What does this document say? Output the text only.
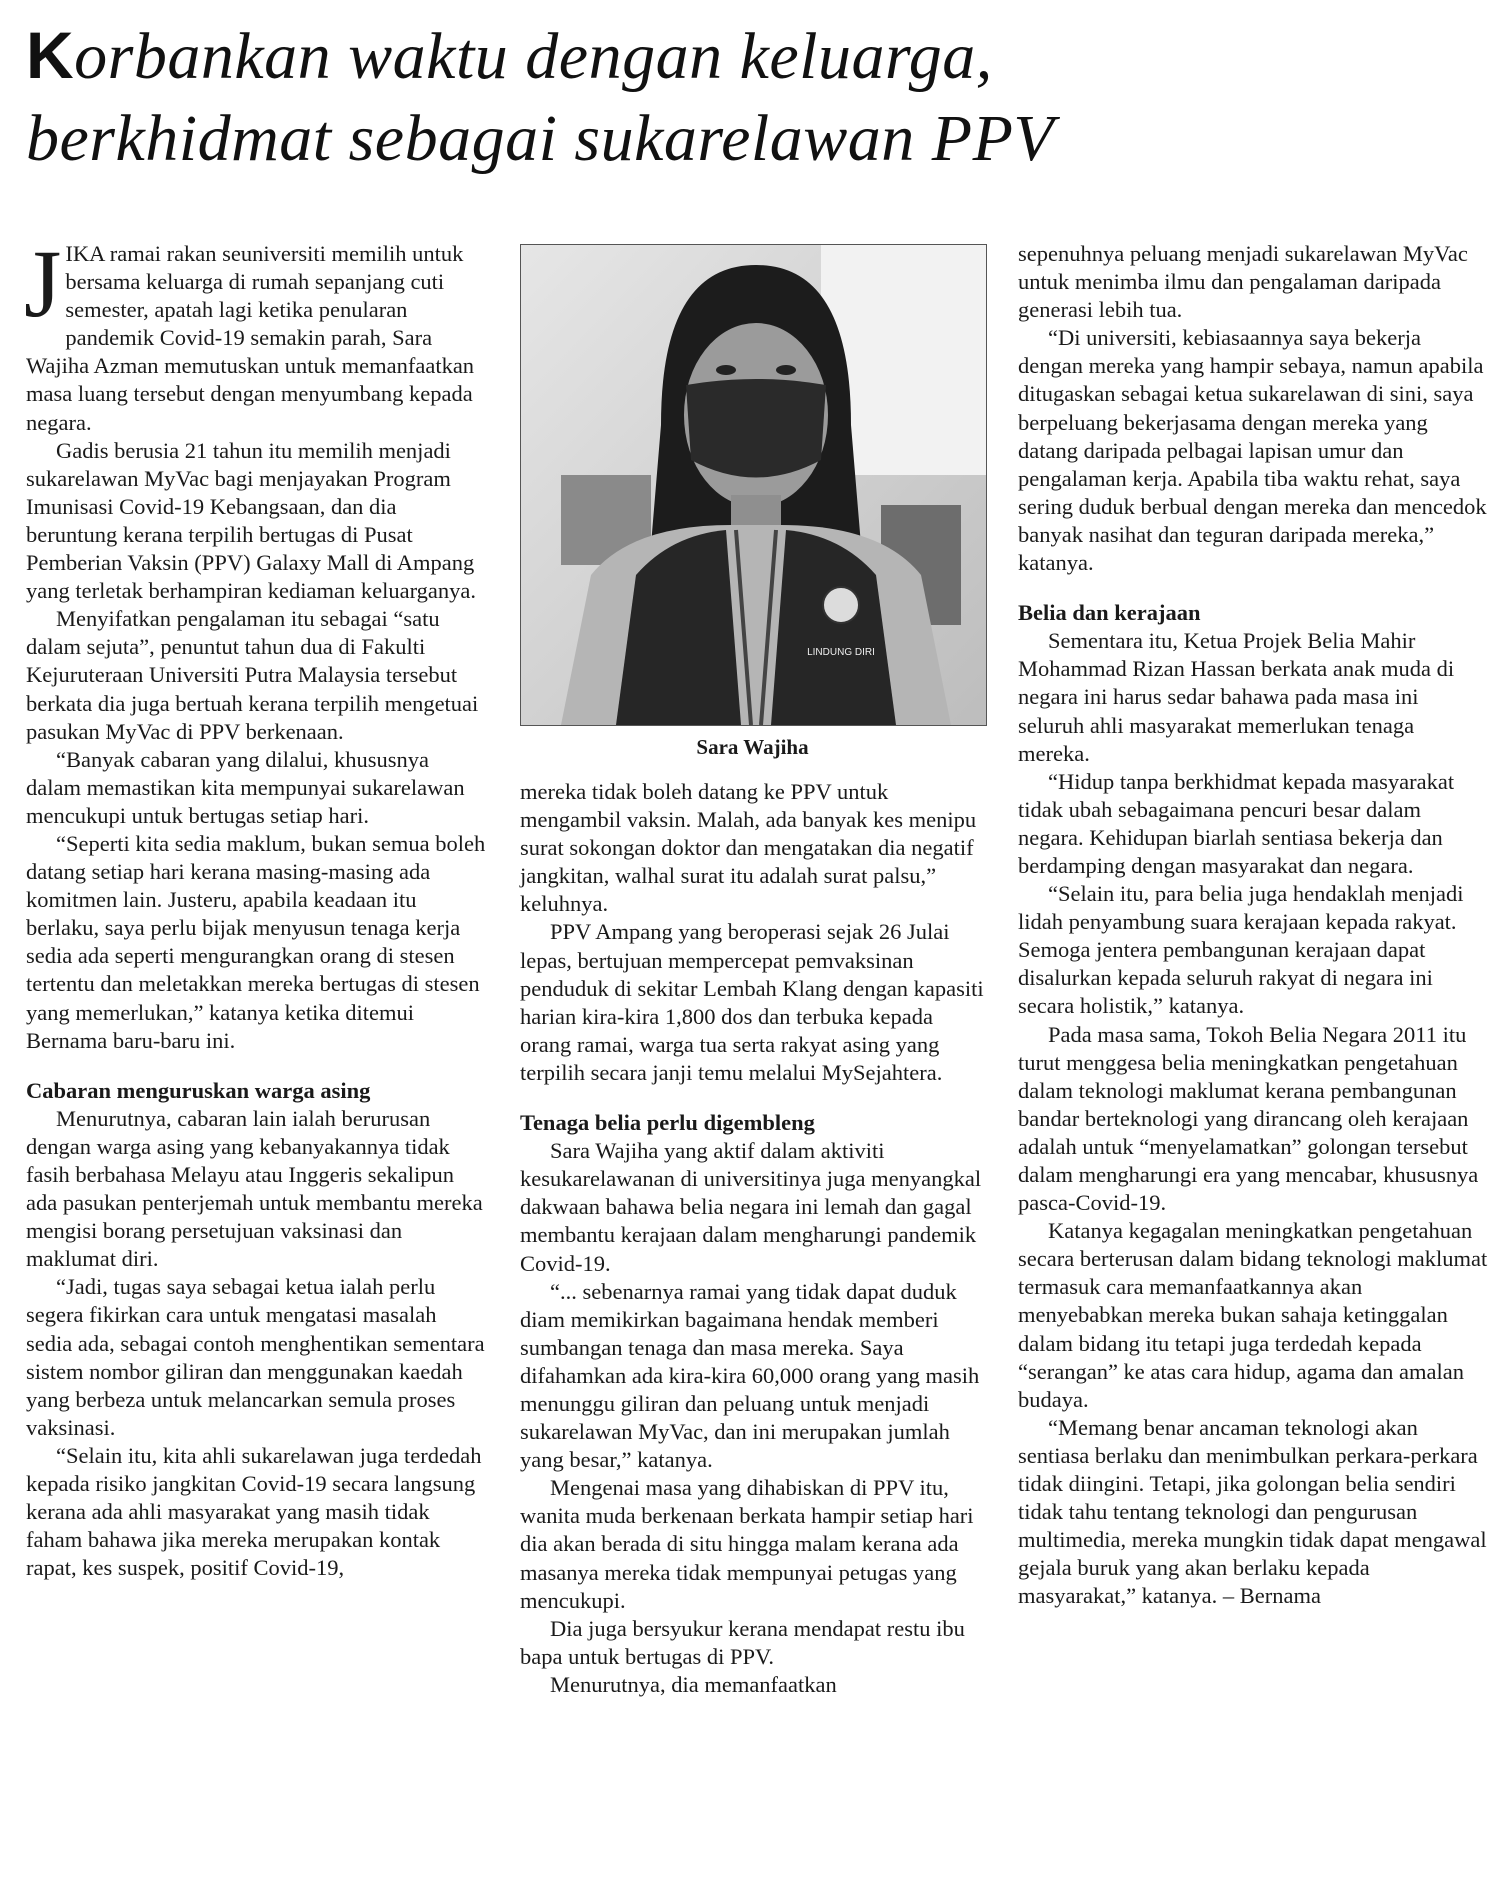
Korbankan waktu dengan keluarga,
berkhidmat sebagai sukarelawan PPV

JIKA ramai rakan seuniversiti memilih untuk bersama keluarga di rumah sepanjang cuti semester, apatah lagi ketika penularan pandemik Covid-19 semakin parah, Sara Wajiha Azman memutuskan untuk memanfaatkan masa luang tersebut dengan menyumbang kepada negara.

Gadis berusia 21 tahun itu memilih menjadi sukarelawan MyVac bagi menjayakan Program Imunisasi Covid-19 Kebangsaan, dan dia beruntung kerana terpilih bertugas di Pusat Pemberian Vaksin (PPV) Galaxy Mall di Ampang yang terletak berhampiran kediaman keluarganya.

Menyifatkan pengalaman itu sebagai “satu dalam sejuta”, penuntut tahun dua di Fakulti Kejuruteraan Universiti Putra Malaysia tersebut berkata dia juga bertuah kerana terpilih mengetuai pasukan MyVac di PPV berkenaan.

“Banyak cabaran yang dilalui, khususnya dalam memastikan kita mempunyai sukarelawan mencukupi untuk bertugas setiap hari.

“Seperti kita sedia maklum, bukan semua boleh datang setiap hari kerana masing-masing ada komitmen lain. Justeru, apabila keadaan itu berlaku, saya perlu bijak menyusun tenaga kerja sedia ada seperti mengurangkan orang di stesen tertentu dan meletakkan mereka bertugas di stesen yang memerlukan,” katanya ketika ditemui Bernama baru-baru ini.

Cabaran menguruskan warga asing

Menurutnya, cabaran lain ialah berurusan dengan warga asing yang kebanyakannya tidak fasih berbahasa Melayu atau Inggeris sekalipun ada pasukan penterjemah untuk membantu mereka mengisi borang persetujuan vaksinasi dan maklumat diri.

“Jadi, tugas saya sebagai ketua ialah perlu segera fikirkan cara untuk mengatasi masalah sedia ada, sebagai contoh menghentikan sementara sistem nombor giliran dan menggunakan kaedah yang berbeza untuk melancarkan semula proses vaksinasi.

“Selain itu, kita ahli sukarelawan juga terdedah kepada risiko jangkitan Covid-19 secara langsung kerana ada ahli masyarakat yang masih tidak faham bahawa jika mereka merupakan kontak rapat, kes suspek, positif Covid-19,

LINDUNG DIRI
Sara Wajiha

mereka tidak boleh datang ke PPV untuk mengambil vaksin. Malah, ada banyak kes menipu surat sokongan doktor dan mengatakan dia negatif jangkitan, walhal surat itu adalah surat palsu,” keluhnya.

PPV Ampang yang beroperasi sejak 26 Julai lepas, bertujuan mempercepat pemvaksinan penduduk di sekitar Lembah Klang dengan kapasiti harian kira-kira 1,800 dos dan terbuka kepada orang ramai, warga tua serta rakyat asing yang terpilih secara janji temu melalui MySejahtera.

Tenaga belia perlu digembleng

Sara Wajiha yang aktif dalam aktiviti kesukarelawanan di universitinya juga menyangkal dakwaan bahawa belia negara ini lemah dan gagal membantu kerajaan dalam mengharungi pandemik Covid-19.

“... sebenarnya ramai yang tidak dapat duduk diam memikirkan bagaimana hendak memberi sumbangan tenaga dan masa mereka. Saya difahamkan ada kira-kira 60,000 orang yang masih menunggu giliran dan peluang untuk menjadi sukarelawan MyVac, dan ini merupakan jumlah yang besar,” katanya.

Mengenai masa yang dihabiskan di PPV itu, wanita muda berkenaan berkata hampir setiap hari dia akan berada di situ hingga malam kerana ada masanya mereka tidak mempunyai petugas yang mencukupi.

Dia juga bersyukur kerana mendapat restu ibu bapa untuk bertugas di PPV.

Menurutnya, dia memanfaatkan

sepenuhnya peluang menjadi sukarelawan MyVac untuk menimba ilmu dan pengalaman daripada generasi lebih tua.

“Di universiti, kebiasaannya saya bekerja dengan mereka yang hampir sebaya, namun apabila ditugaskan sebagai ketua sukarelawan di sini, saya berpeluang bekerjasama dengan mereka yang datang daripada pelbagai lapisan umur dan pengalaman kerja. Apabila tiba waktu rehat, saya sering duduk berbual dengan mereka dan mencedok banyak nasihat dan teguran daripada mereka,” katanya.

Belia dan kerajaan

Sementara itu, Ketua Projek Belia Mahir Mohammad Rizan Hassan berkata anak muda di negara ini harus sedar bahawa pada masa ini seluruh ahli masyarakat memerlukan tenaga mereka.

“Hidup tanpa berkhidmat kepada masyarakat tidak ubah sebagaimana pencuri besar dalam negara. Kehidupan biarlah sentiasa bekerja dan berdamping dengan masyarakat dan negara.

“Selain itu, para belia juga hendaklah menjadi lidah penyambung suara kerajaan kepada rakyat. Semoga jentera pembangunan kerajaan dapat disalurkan kepada seluruh rakyat di negara ini secara holistik,” katanya.

Pada masa sama, Tokoh Belia Negara 2011 itu turut menggesa belia meningkatkan pengetahuan dalam teknologi maklumat kerana pembangunan bandar berteknologi yang dirancang oleh kerajaan adalah untuk “menyelamatkan” golongan tersebut dalam mengharungi era yang mencabar, khususnya pasca-Covid-19.

Katanya kegagalan meningkatkan pengetahuan secara berterusan dalam bidang teknologi maklumat termasuk cara memanfaatkannya akan menyebabkan mereka bukan sahaja ketinggalan dalam bidang itu tetapi juga terdedah kepada “serangan” ke atas cara hidup, agama dan amalan budaya.

“Memang benar ancaman teknologi akan sentiasa berlaku dan menimbulkan perkara-perkara tidak diingini. Tetapi, jika golongan belia sendiri tidak tahu tentang teknologi dan pengurusan multimedia, mereka mungkin tidak dapat mengawal gejala buruk yang akan berlaku kepada masyarakat,” katanya. – Bernama
